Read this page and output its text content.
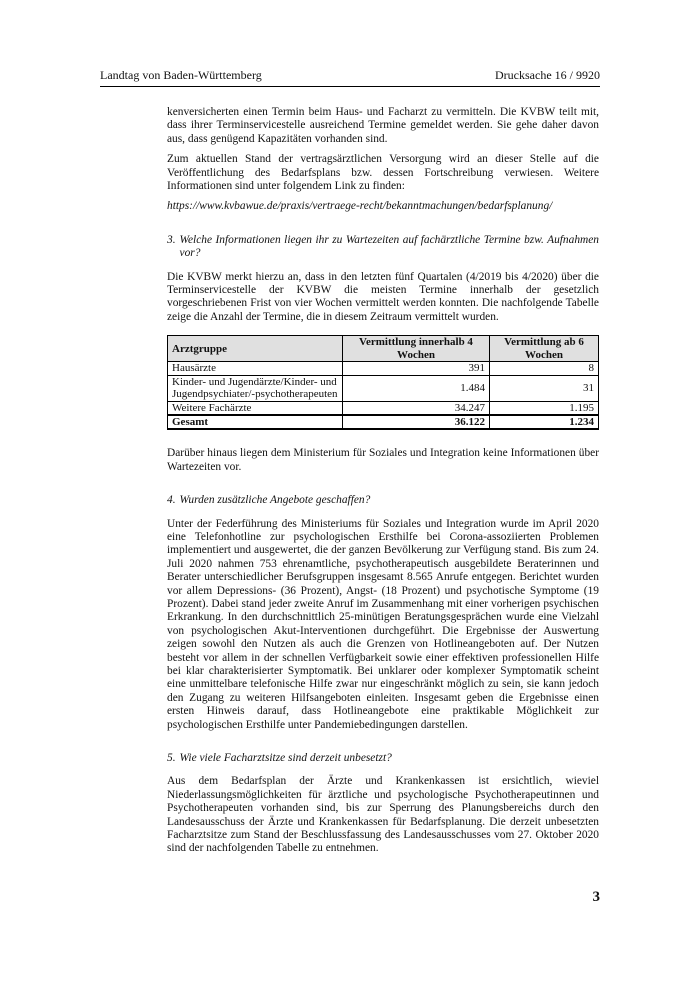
Landtag von Baden-Württemberg	Drucksache 16 / 9920

kenversicherten einen Termin beim Haus- und Facharzt zu vermitteln. Die KVBW teilt mit, dass ihrer Terminservicestelle ausreichend Termine gemeldet werden. Sie gehe daher davon aus, dass genügend Kapazitäten vorhanden sind.

Zum aktuellen Stand der vertragsärztlichen Versorgung wird an dieser Stelle auf die Veröffentlichung des Bedarfsplans bzw. dessen Fortschreibung verwiesen. Weitere Informationen sind unter folgendem Link zu finden:

https://www.kvbawue.de/praxis/vertraege-recht/bekanntmachungen/bedarfsplanung/

3. Welche Informationen liegen ihr zu Wartezeiten auf fachärztliche Termine bzw. Aufnahmen vor?

Die KVBW merkt hierzu an, dass in den letzten fünf Quartalen (4/2019 bis 4/2020) über die Terminservicestelle der KVBW die meisten Termine innerhalb der gesetzlich vorgeschriebenen Frist von vier Wochen vermittelt werden konnten. Die nachfolgende Tabelle zeige die Anzahl der Termine, die in diesem Zeitraum vermittelt wurden.

Arztgruppe	Vermittlung innerhalb 4 Wochen	Vermittlung ab 6 Wochen
Hausärzte	391	8
Kinder- und Jugendärzte/Kinder- und Jugendpsychiater/-psychotherapeuten	1.484	31
Weitere Fachärzte	34.247	1.195
Gesamt	36.122	1.234

Darüber hinaus liegen dem Ministerium für Soziales und Integration keine Informationen über Wartezeiten vor.

4. Wurden zusätzliche Angebote geschaffen?

Unter der Federführung des Ministeriums für Soziales und Integration wurde im April 2020 eine Telefonhotline zur psychologischen Ersthilfe bei Corona-assoziierten Problemen implementiert und ausgewertet, die der ganzen Bevölkerung zur Verfügung stand. Bis zum 24. Juli 2020 nahmen 753 ehrenamtliche, psychotherapeutisch ausgebildete Beraterinnen und Berater unterschiedlicher Berufsgruppen insgesamt 8.565 Anrufe entgegen. Berichtet wurden vor allem Depressions- (36 Prozent), Angst- (18 Prozent) und psychotische Symptome (19 Prozent). Dabei stand jeder zweite Anruf im Zusammenhang mit einer vorherigen psychischen Erkrankung. In den durchschnittlich 25-minütigen Beratungsgesprächen wurde eine Vielzahl von psychologischen Akut-Interventionen durchgeführt. Die Ergebnisse der Auswertung zeigen sowohl den Nutzen als auch die Grenzen von Hotlineangeboten auf. Der Nutzen besteht vor allem in der schnellen Verfügbarkeit sowie einer effektiven professionellen Hilfe bei klar charakterisierter Symptomatik. Bei unklarer oder komplexer Symptomatik scheint eine unmittelbare telefonische Hilfe zwar nur eingeschränkt möglich zu sein, sie kann jedoch den Zugang zu weiteren Hilfsangeboten einleiten. Insgesamt geben die Ergebnisse einen ersten Hinweis darauf, dass Hotlineangebote eine praktikable Möglichkeit zur psychologischen Ersthilfe unter Pandemiebedingungen darstellen.

5. Wie viele Facharztsitze sind derzeit unbesetzt?

Aus dem Bedarfsplan der Ärzte und Krankenkassen ist ersichtlich, wieviel Niederlassungsmöglichkeiten für ärztliche und psychologische Psychotherapeutinnen und Psychotherapeuten vorhanden sind, bis zur Sperrung des Planungsbereichs durch den Landesausschuss der Ärzte und Krankenkassen für Bedarfsplanung. Die derzeit unbesetzten Facharztsitze zum Stand der Beschlussfassung des Landesausschusses vom 27. Oktober 2020 sind der nachfolgenden Tabelle zu entnehmen.

3
